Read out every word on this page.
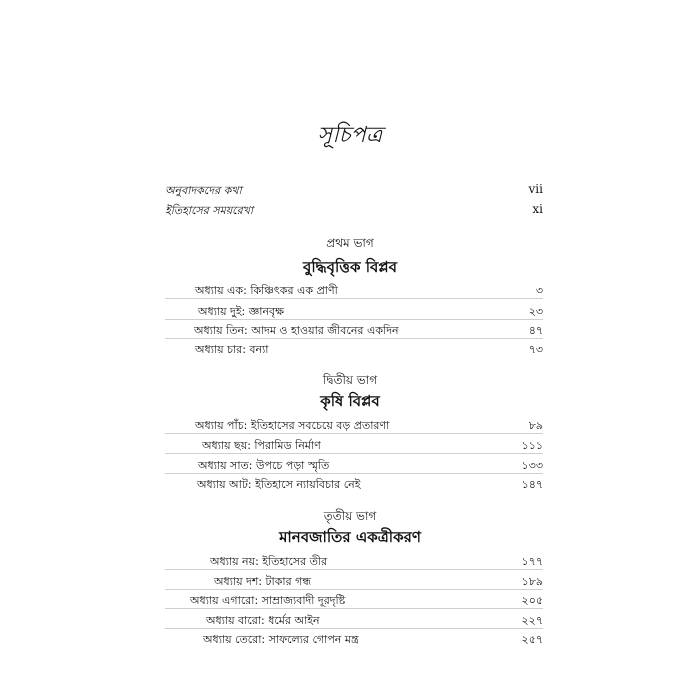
সূচিপত্র
অনুবাদকদের কথা	vii
ইতিহাসের সময়রেখা	xi
প্রথম ভাগ
বুদ্ধিবৃত্তিক বিপ্লব
অধ্যায় এক: কিঞ্চিৎকর এক প্রাণী	৩
অধ্যায় দুই: জ্ঞানবৃক্ষ	২৩
অধ্যায় তিন: আদম ও হাওয়ার জীবনের একদিন	৪৭
অধ্যায় চার: বন্যা	৭৩
দ্বিতীয় ভাগ
কৃষি বিপ্লব
অধ্যায় পাঁচ: ইতিহাসের সবচেয়ে বড় প্রতারণা	৮৯
অধ্যায় ছয়: পিরামিড নির্মাণ	১১১
অধ্যায় সাত: উপচে পড়া স্মৃতি	১৩৩
অধ্যায় আট: ইতিহাসে ন্যায়বিচার নেই	১৪৭
তৃতীয় ভাগ
মানবজাতির একত্রীকরণ
অধ্যায় নয়: ইতিহাসের তীর	১৭৭
অধ্যায় দশ: টাকার গন্ধ	১৮৯
অধ্যায় এগারো: সাম্রাজ্যবাদী দূরদৃষ্টি	২০৫
অধ্যায় বারো: ধর্মের আইন	২২৭
অধ্যায় তেরো: সাফল্যের গোপন মন্ত্র	২৫৭
